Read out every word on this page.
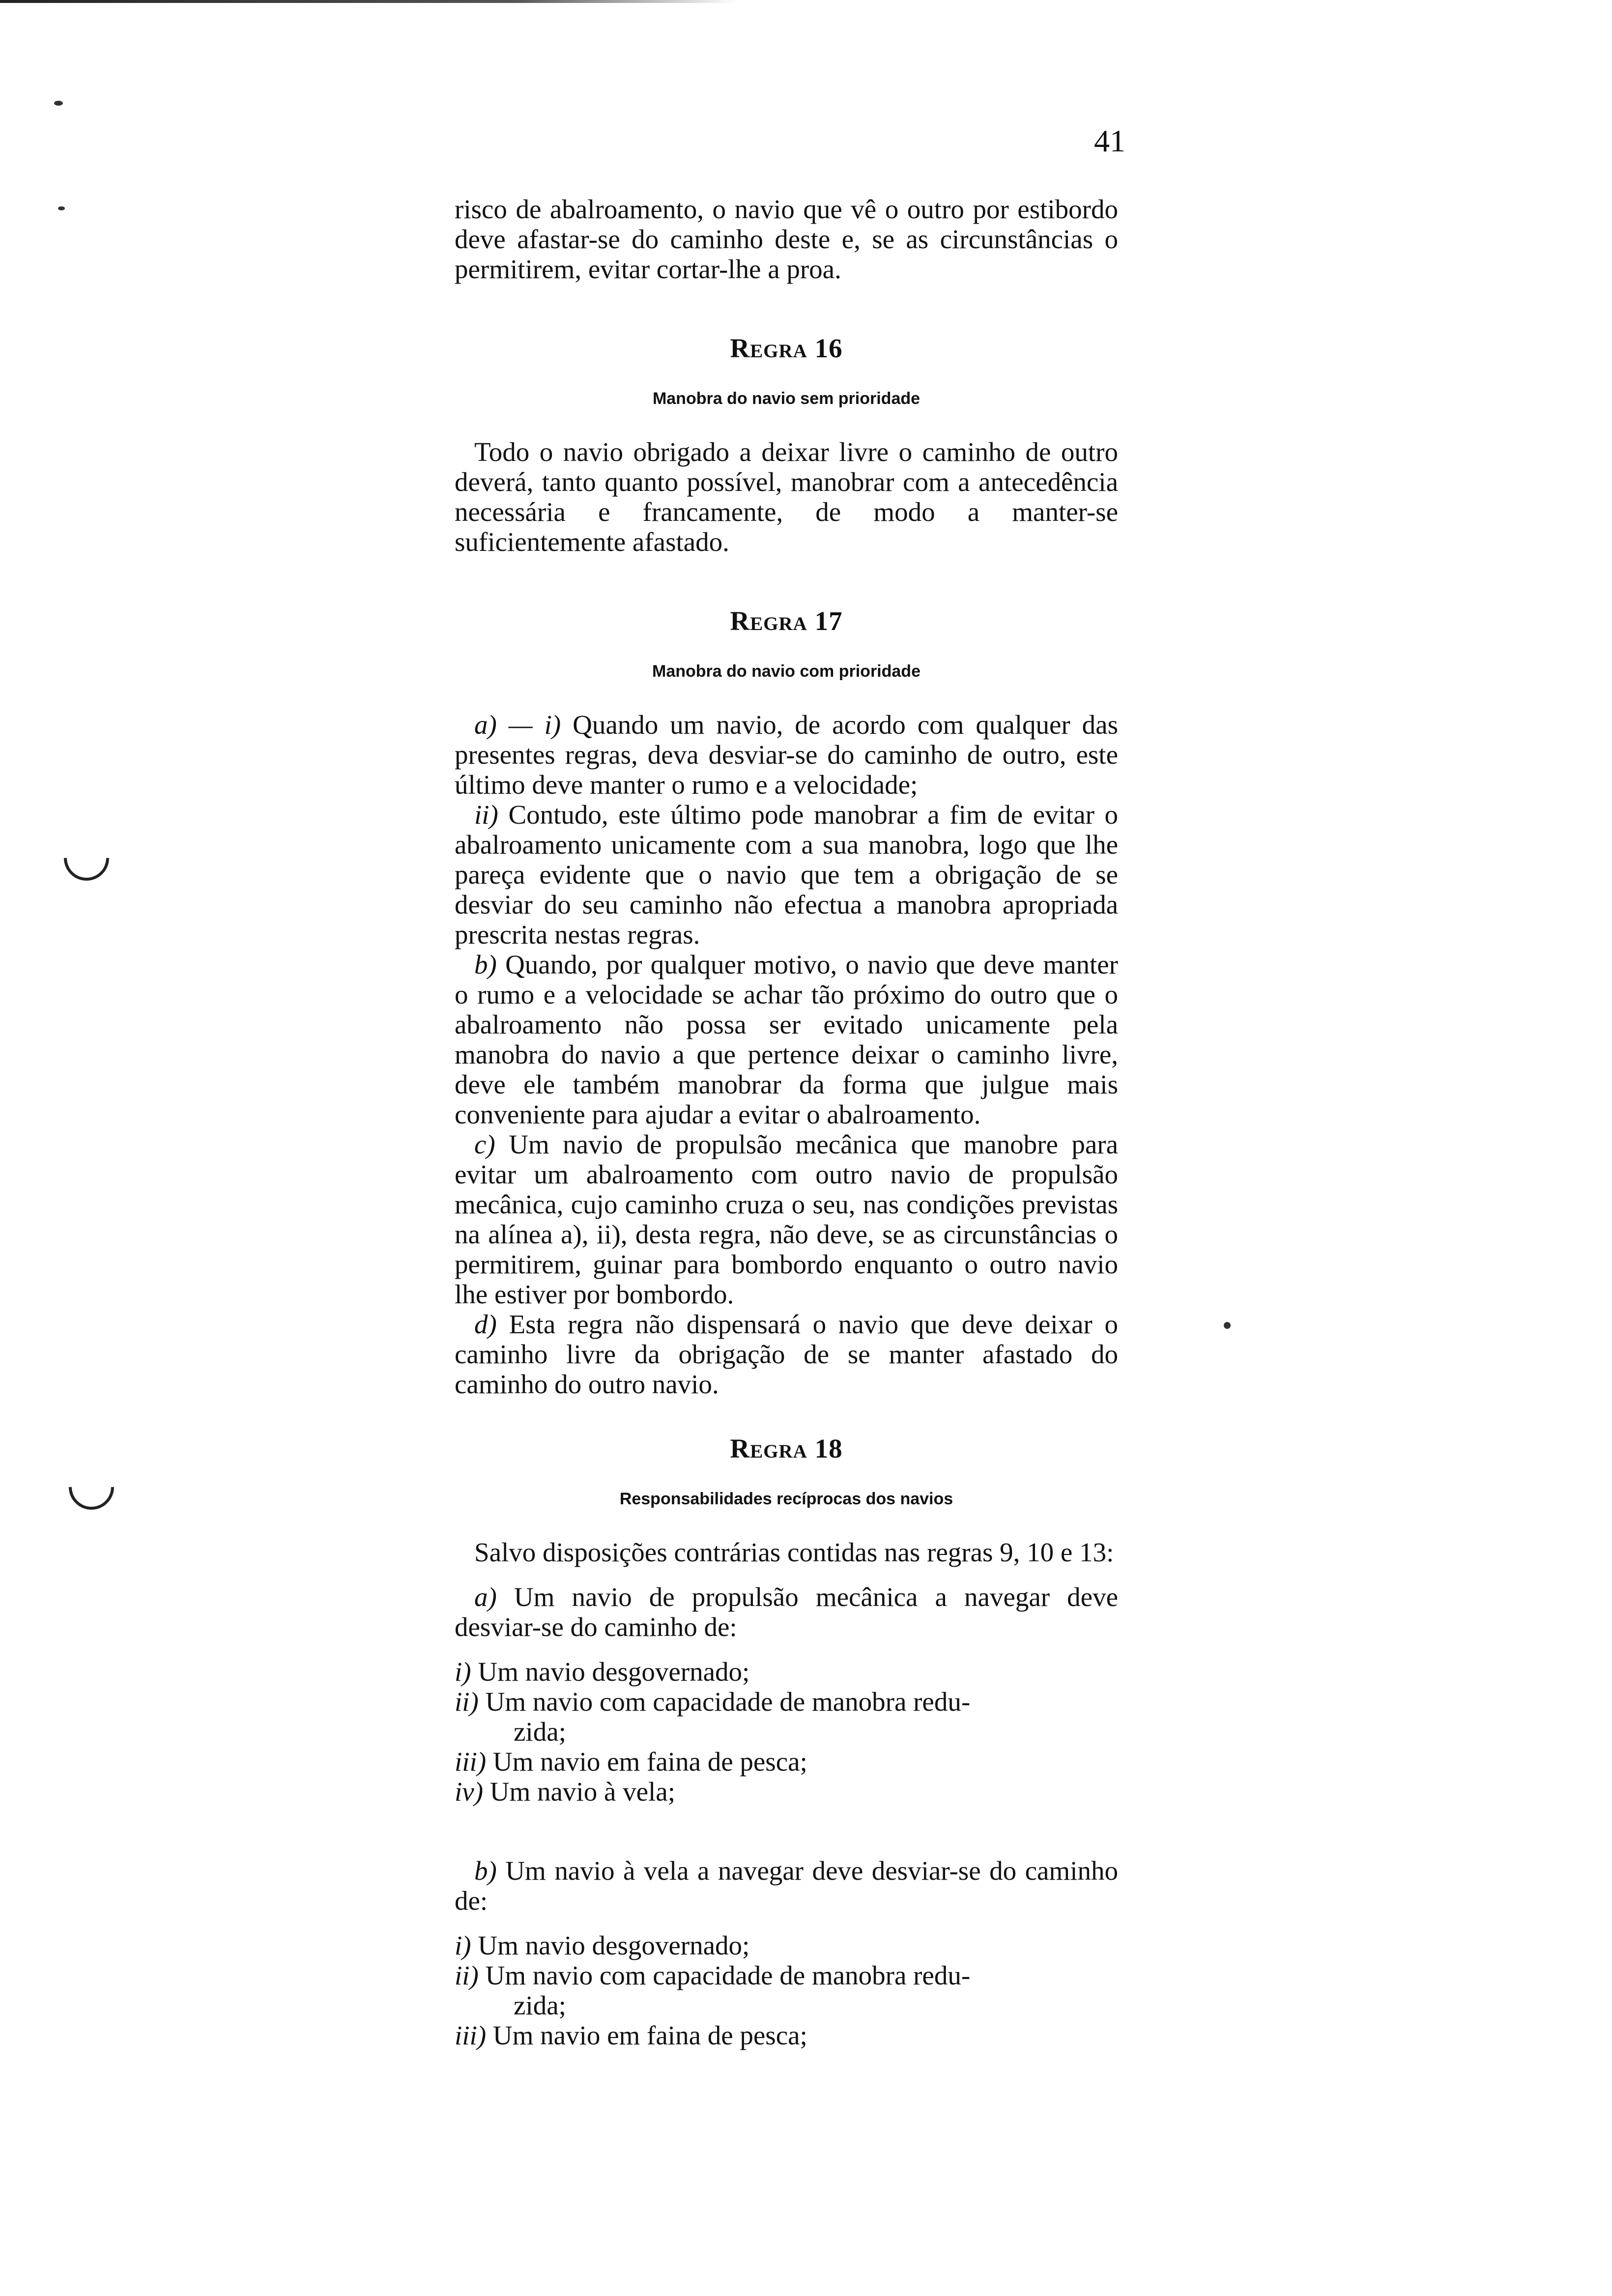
41

risco de abalroamento, o navio que vê o outro por estibordo deve afastar-se do caminho deste e, se as circunstâncias o permitirem, evitar cortar-lhe a proa.

Regra 16
Manobra do navio sem prioridade

Todo o navio obrigado a deixar livre o caminho de outro deverá, tanto quanto possível, manobrar com a antecedência necessária e francamente, de modo a manter-se suficientemente afastado.

Regra 17
Manobra do navio com prioridade

a) — i) Quando um navio, de acordo com qualquer das presentes regras, deva desviar-se do caminho de outro, este último deve manter o rumo e a velocidade;

ii) Contudo, este último pode manobrar a fim de evitar o abalroamento unicamente com a sua manobra, logo que lhe pareça evidente que o navio que tem a obrigação de se desviar do seu caminho não efectua a manobra apropriada prescrita nestas regras.

b) Quando, por qualquer motivo, o navio que deve manter o rumo e a velocidade se achar tão próximo do outro que o abalroamento não possa ser evitado unicamente pela manobra do navio a que pertence deixar o caminho livre, deve ele também manobrar da forma que julgue mais conveniente para ajudar a evitar o abalroamento.

c) Um navio de propulsão mecânica que manobre para evitar um abalroamento com outro navio de propulsão mecânica, cujo caminho cruza o seu, nas condições previstas na alínea a), ii), desta regra, não deve, se as circunstâncias o permitirem, guinar para bombordo enquanto o outro navio lhe estiver por bombordo.

d) Esta regra não dispensará o navio que deve deixar o caminho livre da obrigação de se manter afastado do caminho do outro navio.

Regra 18
Responsabilidades recíprocas dos navios

Salvo disposições contrárias contidas nas regras 9, 10 e 13:

a) Um navio de propulsão mecânica a navegar deve desviar-se do caminho de:

i) Um navio desgovernado;

ii) Um navio com capacidade de manobra redu-
zida;

iii) Um navio em faina de pesca;

iv) Um navio à vela;

b) Um navio à vela a navegar deve desviar-se do caminho de:

i) Um navio desgovernado;

ii) Um navio com capacidade de manobra redu-
zida;

iii) Um navio em faina de pesca;
